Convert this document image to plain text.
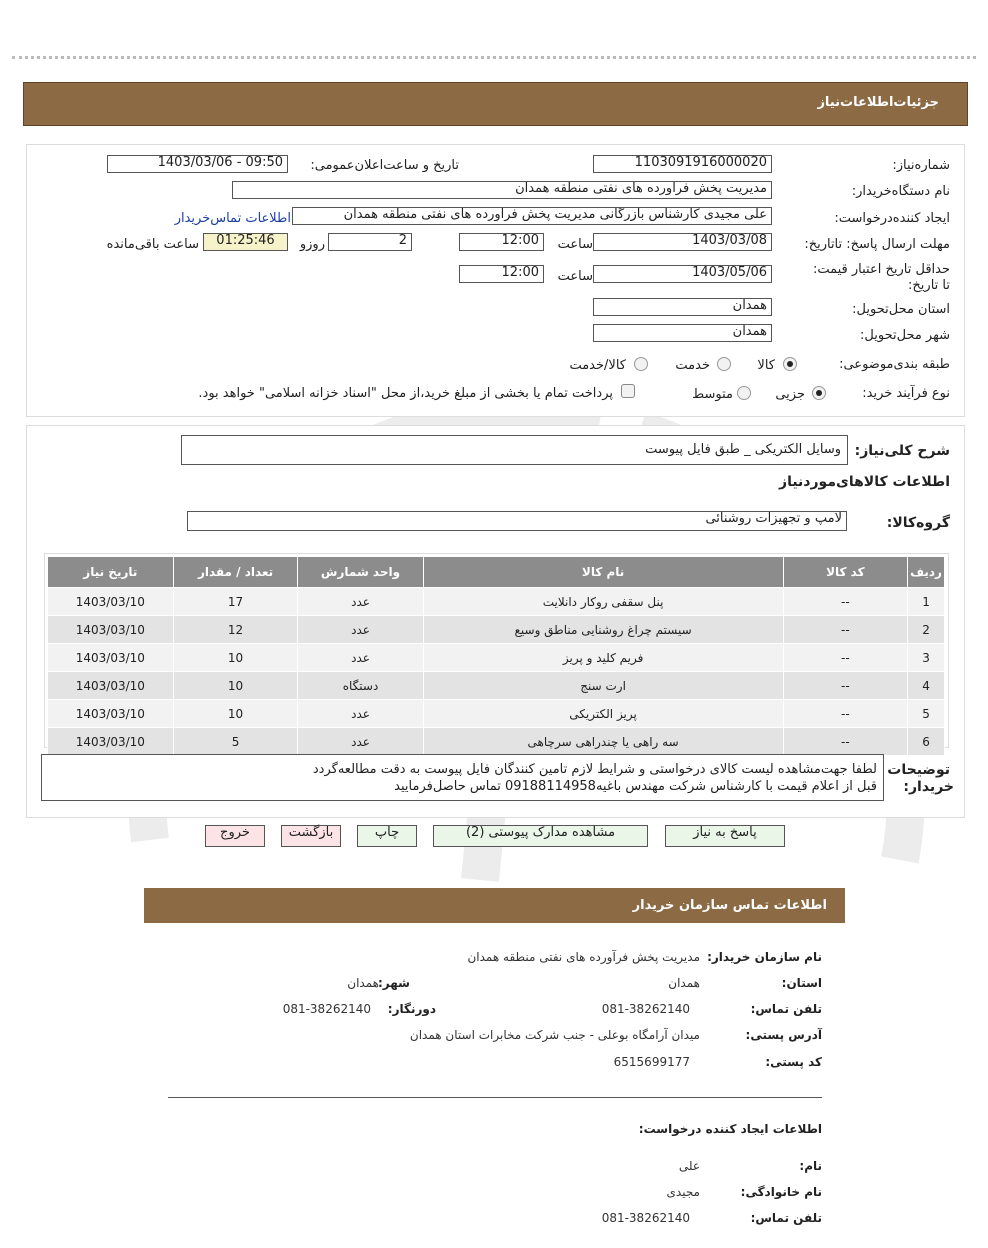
جزئیات‌اطلاعات‌نیاز
شماره‌نیاز:
1103091916000020
تاریخ و ساعت‌اعلان‌عمومی:
1403/03/06 - 09:50
نام دستگاه‌خریدار:
مدیریت پخش فراورده های نفتی منطقه همدان
ایجاد کننده‌درخواست:
علی مجیدی کارشناس بازرگانی مدیریت پخش فراورده های نفتی منطقه همدان
اطلاعات تماس‌خریدار
مهلت ارسال پاسخ: تاتاریخ:
1403/03/08
ساعت
12:00
2
روزو
01:25:46
ساعت باقی‌مانده
حداقل تاریخ اعتبار قیمت: تا تاریخ:
1403/05/06
ساعت
12:00
استان محل‌تحویل:
همدان
شهر محل‌تحویل:
همدان
طبقه بندی‌موضوعی:
کالا
خدمت
کالا/خدمت
نوع فرآیند خرید:
جزیی
متوسط
پرداخت تمام یا بخشی از مبلغ خرید،از محل "اسناد خزانه اسلامی" خواهد بود.
شرح کلی‌نیاز:
وسایل الکتریکی _ طبق فایل پیوست
اطلاعات کالاهای‌موردنیاز
گروه‌کالا:
لامپ و تجهیزات روشنائی
ردیف	کد کالا	نام کالا	واحد شمارش	تعداد / مقدار	تاریخ نیاز
1	--	پنل سقفی روکار دانلایت	عدد	17	1403/03/10
2	--	سیستم چراغ روشنایی مناطق وسیع	عدد	12	1403/03/10
3	--	فریم کلید و پریز	عدد	10	1403/03/10
4	--	ارت سنج	دستگاه	10	1403/03/10
5	--	پریز الکتریکی	عدد	10	1403/03/10
6	--	سه راهی یا چندراهی سرچاهی	عدد	5	1403/03/10
توضیحات
خریدار:
لطفا جهت‌مشاهده لیست کالای درخواستی و شرایط لازم تامین کنندگان فایل پیوست به دقت مطالعه‌گردد
قبل از اعلام قیمت با کارشناس شرکت مهندس باغیه09188114958 تماس حاصل‌فرمایید
پاسخ به نیاز
مشاهده مدارک پیوستی (2)
چاپ
بازگشت
خروج
اطلاعات تماس سازمان خریدار
نام سازمان خریدار:
مدیریت پخش فرآورده های نفتی منطقه همدان
استان:
همدان
شهر:
همدان
تلفن تماس:
081-38262140
دورنگار:
081-38262140
آدرس پستی:
میدان آرامگاه بوعلی - جنب شرکت مخابرات استان همدان
کد پستی:
6515699177
اطلاعات ایجاد کننده درخواست:
نام:
علی
نام خانوادگی:
مجیدی
تلفن تماس:
081-38262140
